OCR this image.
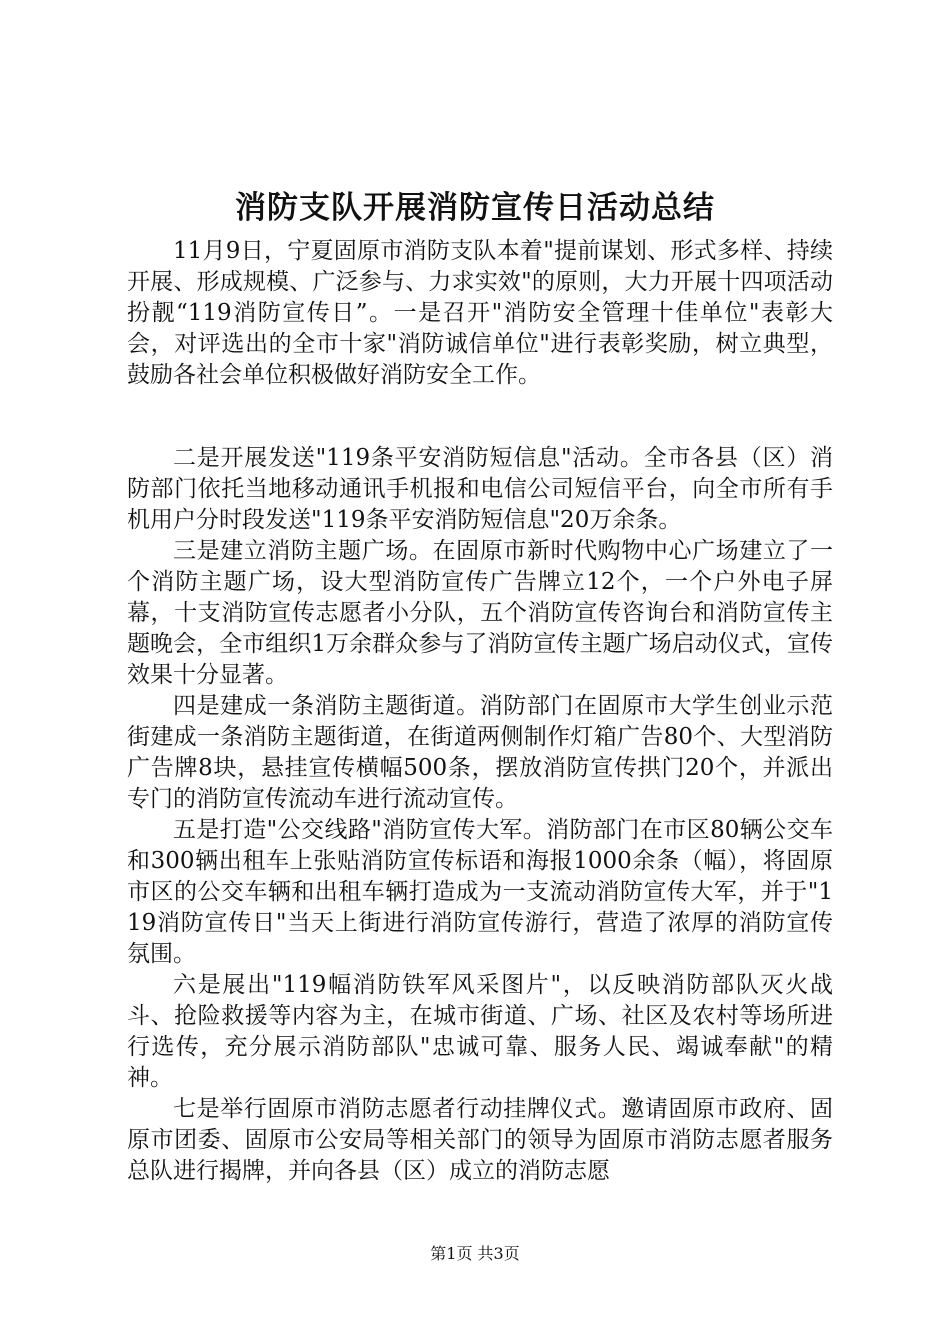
消防支队开展消防宣传日活动总结

11月9日，宁夏固原市消防支队本着"提前谋划、形式多样、持续开展、形成规模、广泛参与、力求实效"的原则，大力开展十四项活动扮靓“119消防宣传日”。一是召开"消防安全管理十佳单位"表彰大会，对评选出的全市十家"消防诚信单位"进行表彰奖励，树立典型，鼓励各社会单位积极做好消防安全工作。

二是开展发送"119条平安消防短信息"活动。全市各县（区）消防部门依托当地移动通讯手机报和电信公司短信平台，向全市所有手机用户分时段发送"119条平安消防短信息"20万余条。

三是建立消防主题广场。在固原市新时代购物中心广场建立了一个消防主题广场，设大型消防宣传广告牌立12个，一个户外电子屏幕，十支消防宣传志愿者小分队，五个消防宣传咨询台和消防宣传主题晚会，全市组织1万余群众参与了消防宣传主题广场启动仪式，宣传效果十分显著。

四是建成一条消防主题街道。消防部门在固原市大学生创业示范街建成一条消防主题街道，在街道两侧制作灯箱广告80个、大型消防广告牌8块，悬挂宣传横幅500条，摆放消防宣传拱门20个，并派出专门的消防宣传流动车进行流动宣传。

五是打造"公交线路"消防宣传大军。消防部门在市区80辆公交车和300辆出租车上张贴消防宣传标语和海报1000余条（幅），将固原市区的公交车辆和出租车辆打造成为一支流动消防宣传大军，并于"119消防宣传日"当天上街进行消防宣传游行，营造了浓厚的消防宣传氛围。

六是展出"119幅消防铁军风采图片"，以反映消防部队灭火战斗、抢险救援等内容为主，在城市街道、广场、社区及农村等场所进行选传，充分展示消防部队"忠诚可靠、服务人民、竭诚奉献"的精神。

七是举行固原市消防志愿者行动挂牌仪式。邀请固原市政府、固原市团委、固原市公安局等相关部门的领导为固原市消防志愿者服务总队进行揭牌，并向各县（区）成立的消防志愿

第1页 共3页
